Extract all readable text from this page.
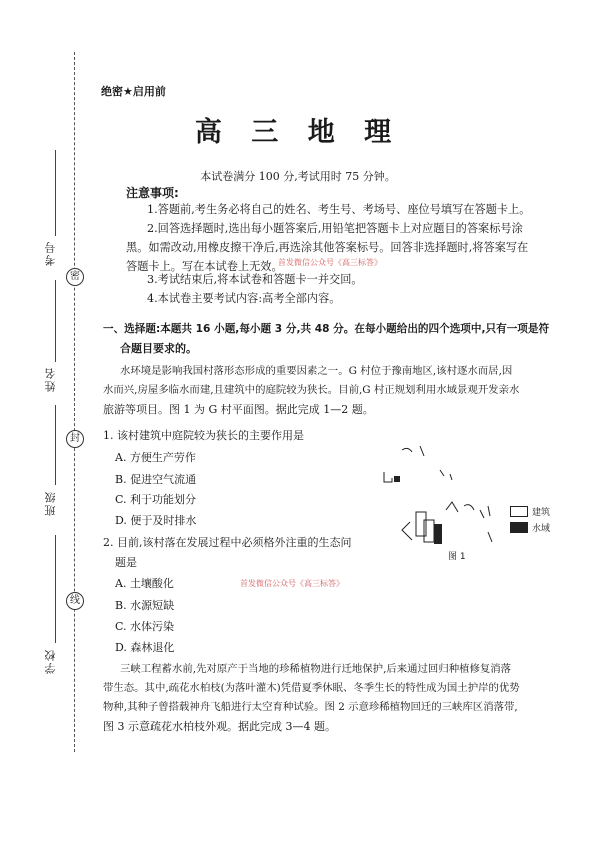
密
封
线
考号
姓名
班级
学校
绝密★启用前
高 三 地 理
本试卷满分 100 分,考试用时 75 分钟。
注意事项:
1.答题前,考生务必将自己的姓名、考生号、考场号、座位号填写在答题卡上。
2.回答选择题时,选出每小题答案后,用铅笔把答题卡上对应题目的答案标号涂
黑。如需改动,用橡皮擦干净后,再选涂其他答案标号。回答非选择题时,将答案写在
答题卡上。写在本试卷上无效。
3.考试结束后,将本试卷和答题卡一并交回。
4.本试卷主要考试内容:高考全部内容。
首发微信公众号《高三标答》
一、选择题:本题共 16 小题,每小题 3 分,共 48 分。在每小题给出的四个选项中,只有一项是符
合题目要求的。
水环境是影响我国村落形态形成的重要因素之一。G 村位于豫南地区,该村逐水而居,因
水而兴,房屋多临水而建,且建筑中的庭院较为狭长。目前,G 村正规划利用水域景观开发亲水
旅游等项目。图 1 为 G 村平面图。据此完成 1—2 题。
1. 该村建筑中庭院较为狭长的主要作用是
A. 方便生产劳作
B. 促进空气流通
C. 利于功能划分
D. 便于及时排水
2. 目前,该村落在发展过程中必须格外注重的生态问
题是
A. 土壤酸化
B. 水源短缺
C. 水体污染
D. 森林退化
首发微信公众号《高三标答》
图 1
建筑
水域
三峡工程蓄水前,先对原产于当地的珍稀植物进行迁地保护,后来通过回归种植修复消落
带生态。其中,疏花水柏枝(为落叶灌木)凭借夏季休眠、冬季生长的特性成为国土护岸的优势
物种,其种子曾搭载神舟飞船进行太空育种试验。图 2 示意珍稀植物回迁的三峡库区消落带,
图 3 示意疏花水柏枝外观。据此完成 3—4 题。
